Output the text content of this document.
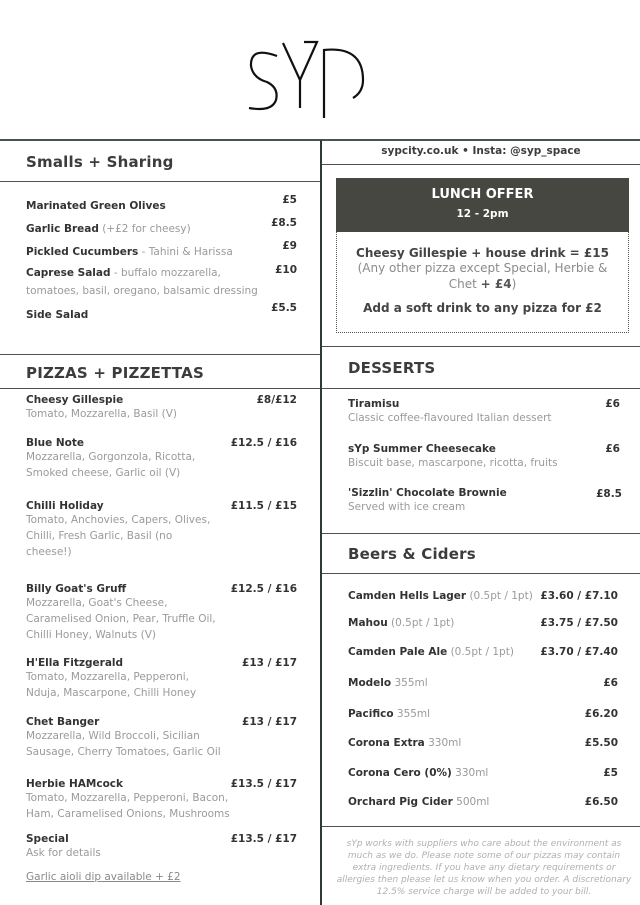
Smalls + Sharing
Marinated Green Olives	£5
Garlic Bread (+£2 for cheesy)	£8.5
Pickled Cucumbers - Tahini & Harissa	£9
Caprese Salad - buffalo mozzarella, tomatoes, basil, oregano, balsamic dressing
£10
Side Salad
£5.5
sypcity.co.uk • Insta: @syp_space
LUNCH OFFER
12 - 2pm
Cheesy Gillespie + house drink = £15
(Any other pizza except Special, Herbie & Chet + £4)
Add a soft drink to any pizza for £2
PIZZAS + PIZZETTAS
Cheesy Gillespie
Tomato, Mozzarella, Basil (V)
£8/£12
Blue Note
Mozzarella, Gorgonzola, Ricotta, Smoked cheese, Garlic oil (V)
£12.5 / £16
Chilli Holiday
Tomato, Anchovies, Capers, Olives, Chilli, Fresh Garlic, Basil (no cheese!)
£11.5 / £15
Billy Goat's Gruff
Mozzarella, Goat's Cheese, Caramelised Onion, Pear, Truffle Oil, Chilli Honey, Walnuts (V)
£12.5 / £16
H'Ella Fitzgerald
Tomato, Mozzarella, Pepperoni, Nduja, Mascarpone, Chilli Honey
£13 / £17
Chet Banger
Mozzarella, Wild Broccoli, Sicilian Sausage, Cherry Tomatoes, Garlic Oil
£13 / £17
Herbie HAMcock
Tomato, Mozzarella, Pepperoni, Bacon, Ham, Caramelised Onions, Mushrooms
£13.5 / £17
Special
Ask for details
£13.5 / £17
Garlic aioli dip available + £2
DESSERTS
Tiramisu
Classic coffee-flavoured Italian dessert
£6
sYp Summer Cheesecake
Biscuit base, mascarpone, ricotta, fruits
£6
'Sizzlin' Chocolate Brownie
Served with ice cream
£8.5
Beers & Ciders
Camden Hells Lager (0.5pt / 1pt) £3.60 / £7.10
Mahou (0.5pt / 1pt)	£3.75 / £7.50
Camden Pale Ale (0.5pt / 1pt)	£3.70 / £7.40
Modelo 355ml	£6
Pacifico 355ml	£6.20
Corona Extra 330ml	£5.50
Corona Cero (0%) 330ml	£5
Orchard Pig Cider 500ml	£6.50
sYp works with suppliers who care about the environment as much as we do. Please note some of our pizzas may contain extra ingredients. If you have any dietary requirements or allergies then please let us know when you order. A discretionary 12.5% service charge will be added to your bill.
